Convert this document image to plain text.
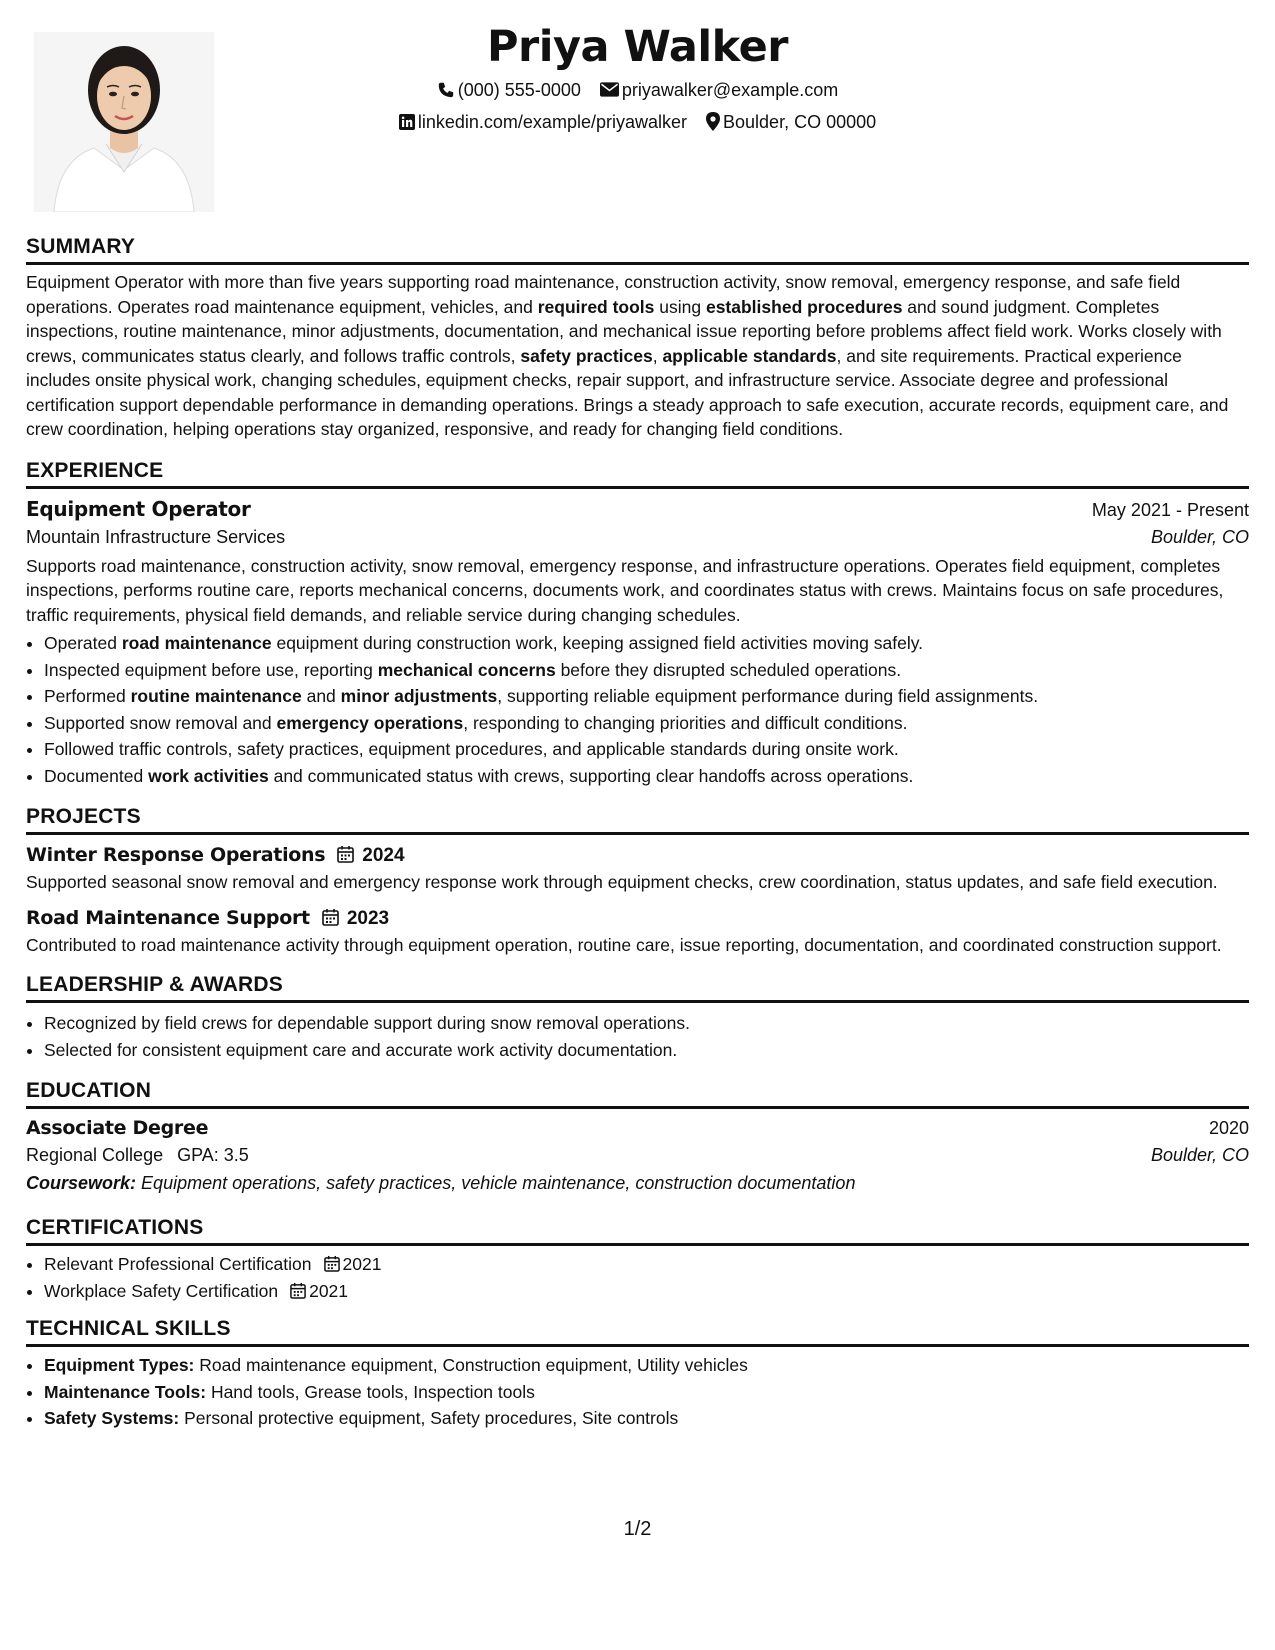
Priya Walker
(000) 555-0000 priyawalker@example.com
linkedin.com/example/priyawalker Boulder, CO 00000
SUMMARY

Equipment Operator with more than five years supporting road maintenance, construction activity, snow removal, emergency response, and safe field operations. Operates road maintenance equipment, vehicles, and required tools using established procedures and sound judgment. Completes inspections, routine maintenance, minor adjustments, documentation, and mechanical issue reporting before problems affect field work. Works closely with crews, communicates status clearly, and follows traffic controls, safety practices, applicable standards, and site requirements. Practical experience includes onsite physical work, changing schedules, equipment checks, repair support, and infrastructure service. Associate degree and professional certification support dependable performance in demanding operations. Brings a steady approach to safe execution, accurate records, equipment care, and crew coordination, helping operations stay organized, responsive, and ready for changing field conditions.

EXPERIENCE
Equipment Operator	May 2021 - Present
Mountain Infrastructure Services	Boulder, CO

Supports road maintenance, construction activity, snow removal, emergency response, and infrastructure operations. Operates field equipment, completes inspections, performs routine care, reports mechanical concerns, documents work, and coordinates status with crews. Maintains focus on safe procedures, traffic requirements, physical field demands, and reliable service during changing schedules.

• Operated road maintenance equipment during construction work, keeping assigned field activities moving safely.
• Inspected equipment before use, reporting mechanical concerns before they disrupted scheduled operations.
• Performed routine maintenance and minor adjustments, supporting reliable equipment performance during field assignments.
• Supported snow removal and emergency operations, responding to changing priorities and difficult conditions.
• Followed traffic controls, safety practices, equipment procedures, and applicable standards during onsite work.
• Documented work activities and communicated status with crews, supporting clear handoffs across operations.
PROJECTS
Winter Response Operations 2024

Supported seasonal snow removal and emergency response work through equipment checks, crew coordination, status updates, and safe field execution.

Road Maintenance Support 2023

Contributed to road maintenance activity through equipment operation, routine care, issue reporting, documentation, and coordinated construction support.

LEADERSHIP & AWARDS
• Recognized by field crews for dependable support during snow removal operations.
• Selected for consistent equipment care and accurate work activity documentation.
EDUCATION
Associate Degree	2020
Regional College GPA: 3.5	Boulder, CO
Coursework: Equipment operations, safety practices, vehicle maintenance, construction documentation
CERTIFICATIONS
• Relevant Professional Certification 2021
• Workplace Safety Certification 2021
TECHNICAL SKILLS
• Equipment Types: Road maintenance equipment, Construction equipment, Utility vehicles
• Maintenance Tools: Hand tools, Grease tools, Inspection tools
• Safety Systems: Personal protective equipment, Safety procedures, Site controls
1/2
